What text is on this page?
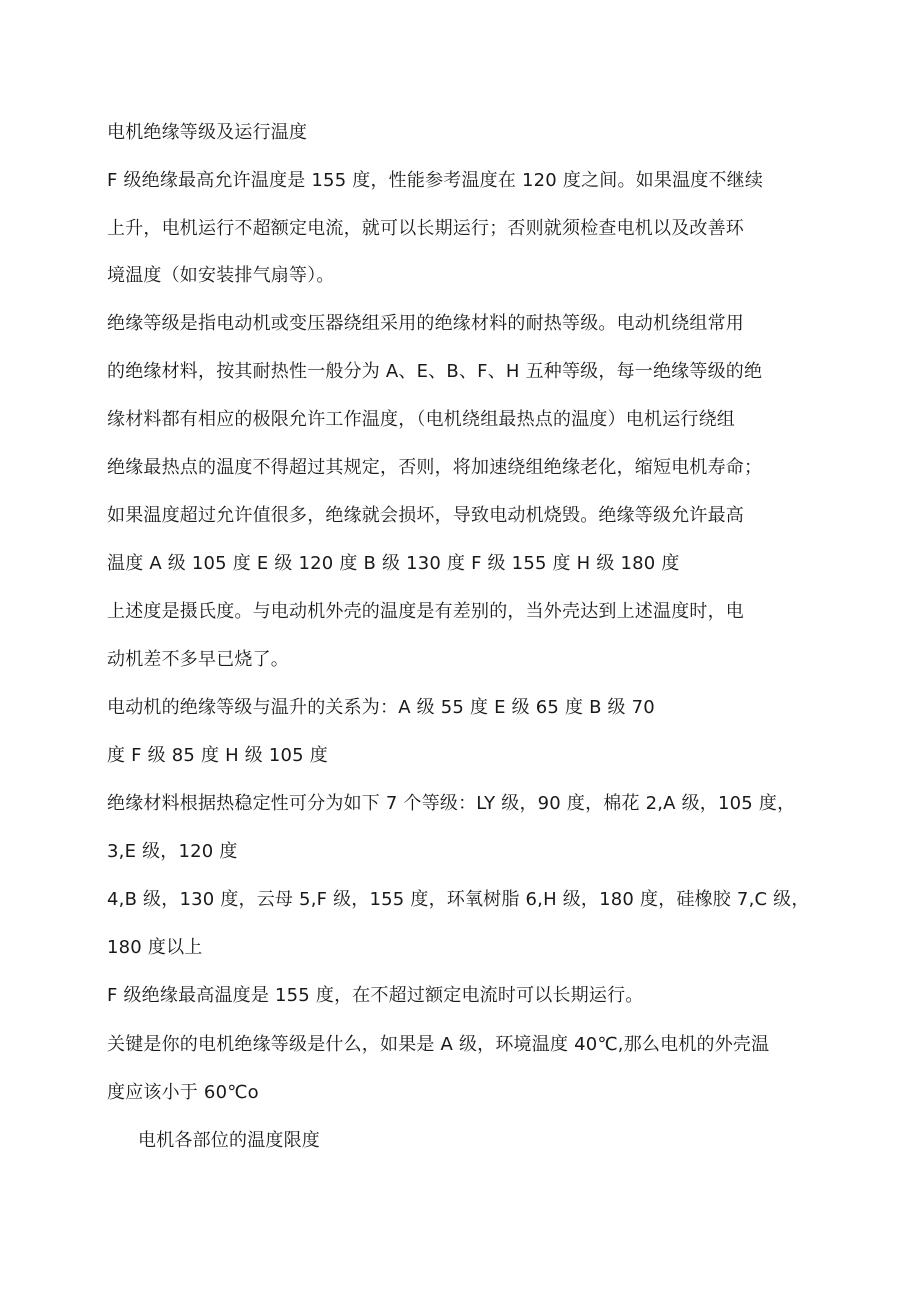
电机绝缘等级及运行温度
F 级绝缘最高允许温度是 155 度，性能参考温度在 120 度之间。如果温度不继续
上升，电机运行不超额定电流，就可以长期运行；否则就须检查电机以及改善环
境温度（如安装排气扇等）。
绝缘等级是指电动机或变压器绕组采用的绝缘材料的耐热等级。电动机绕组常用
的绝缘材料，按其耐热性一般分为 A、E、B、F、H 五种等级，每一绝缘等级的绝
缘材料都有相应的极限允许工作温度，（电机绕组最热点的温度）电机运行绕组
绝缘最热点的温度不得超过其规定，否则，将加速绕组绝缘老化，缩短电机寿命；
如果温度超过允许值很多，绝缘就会损坏，导致电动机烧毁。绝缘等级允许最高
温度 A 级 105 度 E 级 120 度 B 级 130 度 F 级 155 度 H 级 180 度
上述度是摄氏度。与电动机外壳的温度是有差别的，当外壳达到上述温度时，电
动机差不多早已烧了。
电动机的绝缘等级与温升的关系为：A 级 55 度 E 级 65 度 B 级 70
度 F 级 85 度 H 级 105 度
绝缘材料根据热稳定性可分为如下 7 个等级：LY 级，90 度，棉花 2,A 级，105 度，
3,E 级，120 度
4,B 级，130 度，云母 5,F 级，155 度，环氧树脂 6,H 级，180 度，硅橡胶 7,C 级，
180 度以上
F 级绝缘最高温度是 155 度，在不超过额定电流时可以长期运行。
关键是你的电机绝缘等级是什么，如果是 A 级，环境温度 40℃,那么电机的外壳温
度应该小于 60℃o
电机各部位的温度限度
